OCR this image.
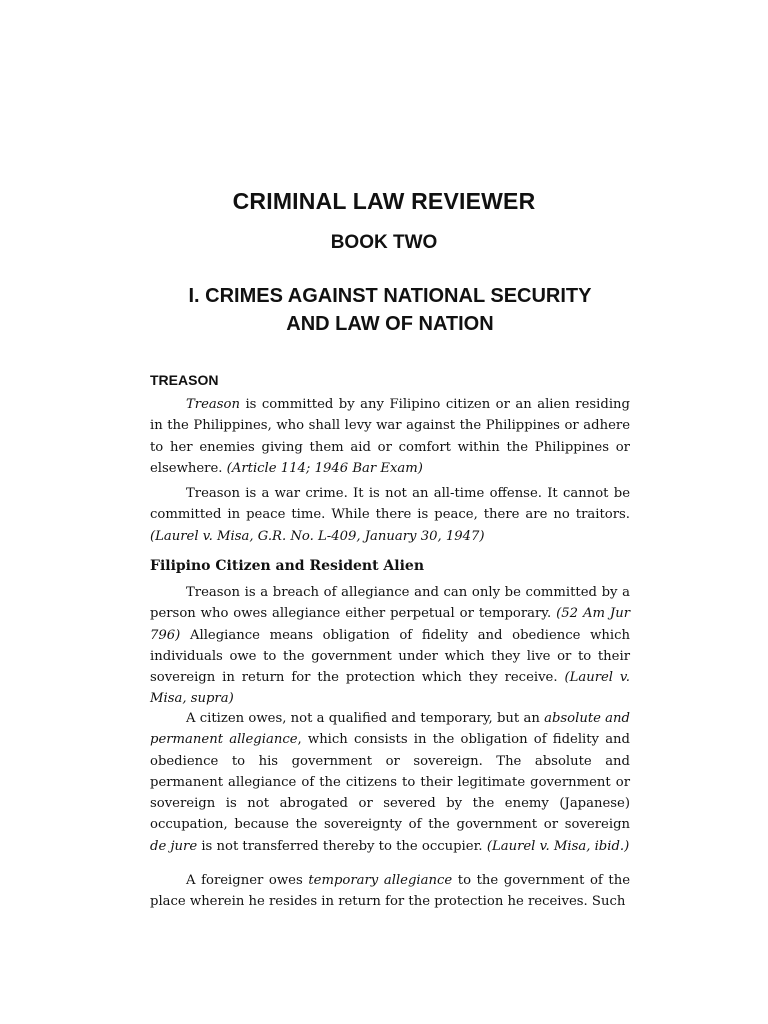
CRIMINAL LAW REVIEWER
BOOK TWO
I. CRIMES AGAINST NATIONAL SECURITY
AND LAW OF NATION
TREASON

Treason is committed by any Filipino citizen or an alien residing in the Philippines, who shall levy war against the Philippines or adhere to her enemies giving them aid or comfort within the Philippines or elsewhere. (Article 114; 1946 Bar Exam)

Treason is a war crime. It is not an all-time offense. It cannot be committed in peace time. While there is peace, there are no traitors. (Laurel v. Misa, G.R. No. L-409, January 30, 1947)

Filipino Citizen and Resident Alien

Treason is a breach of allegiance and can only be committed by a person who owes allegiance either perpetual or temporary. (52 Am Jur 796) Allegiance means obligation of fidelity and obedience which individuals owe to the government under which they live or to their sovereign in return for the protection which they receive. (Laurel v. Misa, supra)

A citizen owes, not a qualified and temporary, but an absolute and permanent allegiance, which consists in the obligation of fidelity and obedience to his government or sovereign. The absolute and permanent allegiance of the citizens to their legitimate government or sovereign is not abrogated or severed by the enemy (Japanese) occupation, because the sovereignty of the government or sovereign de jure is not transferred thereby to the occupier. (Laurel v. Misa, ibid.)

A foreigner owes temporary allegiance to the government of the place wherein he resides in return for the protection he receives. Such
